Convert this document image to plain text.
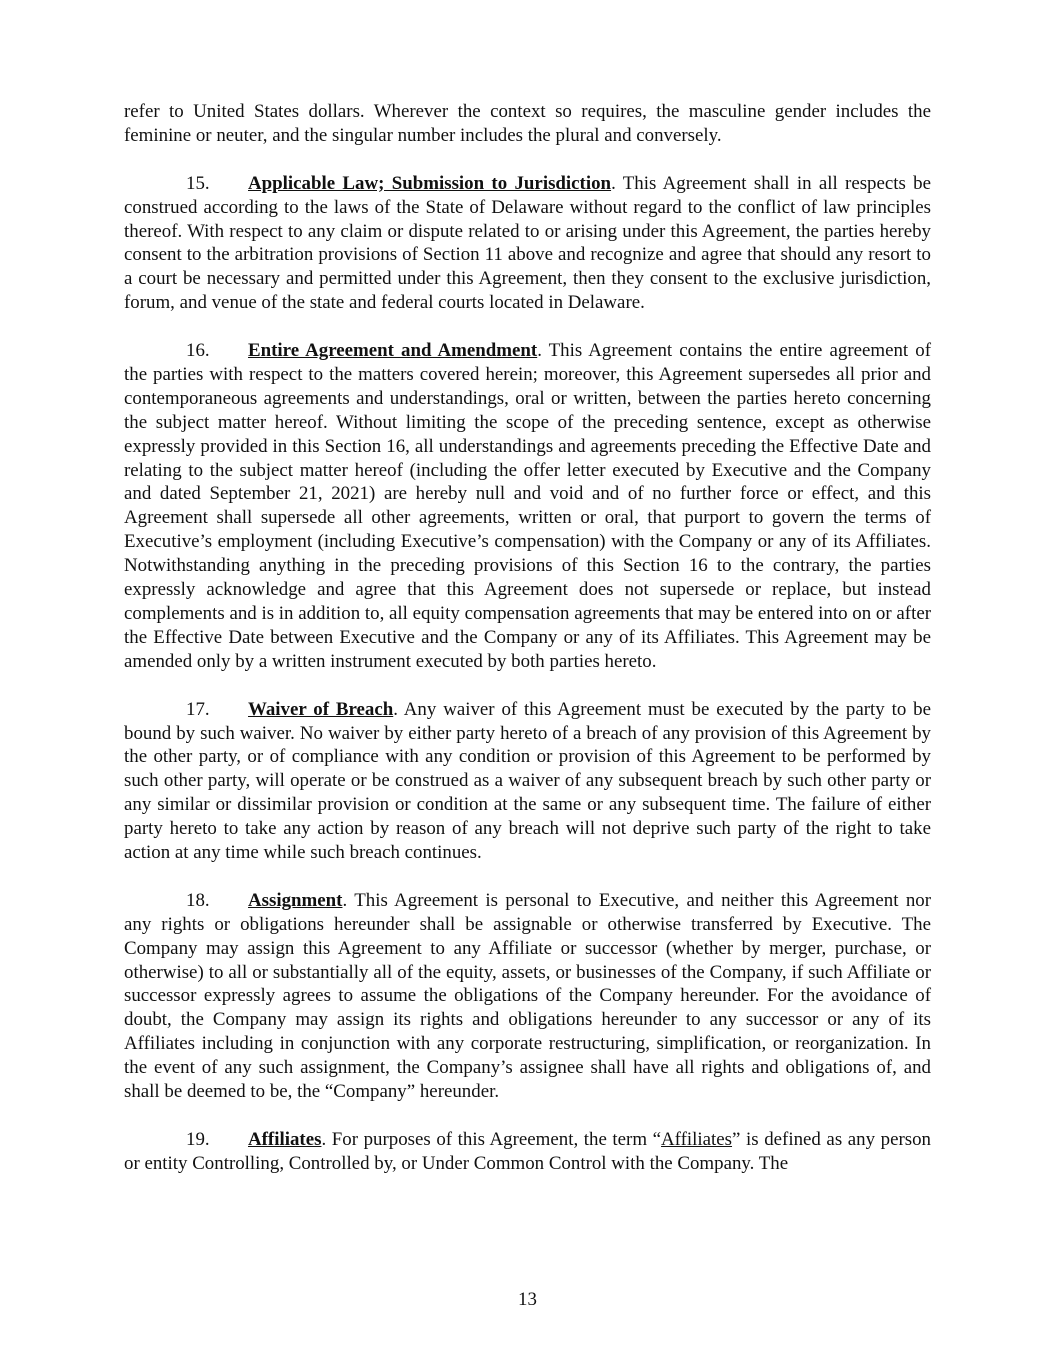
refer to United States dollars. Wherever the context so requires, the masculine gender includes the feminine or neuter, and the singular number includes the plural and conversely.

15. Applicable Law; Submission to Jurisdiction. This Agreement shall in all respects be construed according to the laws of the State of Delaware without regard to the conflict of law principles thereof. With respect to any claim or dispute related to or arising under this Agreement, the parties hereby consent to the arbitration provisions of Section 11 above and recognize and agree that should any resort to a court be necessary and permitted under this Agreement, then they consent to the exclusive jurisdiction, forum, and venue of the state and federal courts located in Delaware.

16. Entire Agreement and Amendment. This Agreement contains the entire agreement of the parties with respect to the matters covered herein; moreover, this Agreement supersedes all prior and contemporaneous agreements and understandings, oral or written, between the parties hereto concerning the subject matter hereof. Without limiting the scope of the preceding sentence, except as otherwise expressly provided in this Section 16, all understandings and agreements preceding the Effective Date and relating to the subject matter hereof (including the offer letter executed by Executive and the Company and dated September 21, 2021) are hereby null and void and of no further force or effect, and this Agreement shall supersede all other agreements, written or oral, that purport to govern the terms of Executive’s employment (including Executive’s compensation) with the Company or any of its Affiliates. Notwithstanding anything in the preceding provisions of this Section 16 to the contrary, the parties expressly acknowledge and agree that this Agreement does not supersede or replace, but instead complements and is in addition to, all equity compensation agreements that may be entered into on or after the Effective Date between Executive and the Company or any of its Affiliates. This Agreement may be amended only by a written instrument executed by both parties hereto.

17. Waiver of Breach. Any waiver of this Agreement must be executed by the party to be bound by such waiver. No waiver by either party hereto of a breach of any provision of this Agreement by the other party, or of compliance with any condition or provision of this Agreement to be performed by such other party, will operate or be construed as a waiver of any subsequent breach by such other party or any similar or dissimilar provision or condition at the same or any subsequent time. The failure of either party hereto to take any action by reason of any breach will not deprive such party of the right to take action at any time while such breach continues.

18. Assignment. This Agreement is personal to Executive, and neither this Agreement nor any rights or obligations hereunder shall be assignable or otherwise transferred by Executive. The Company may assign this Agreement to any Affiliate or successor (whether by merger, purchase, or otherwise) to all or substantially all of the equity, assets, or businesses of the Company, if such Affiliate or successor expressly agrees to assume the obligations of the Company hereunder. For the avoidance of doubt, the Company may assign its rights and obligations hereunder to any successor or any of its Affiliates including in conjunction with any corporate restructuring, simplification, or reorganization. In the event of any such assignment, the Company’s assignee shall have all rights and obligations of, and shall be deemed to be, the “Company” hereunder.

19. Affiliates. For purposes of this Agreement, the term “Affiliates” is defined as any person or entity Controlling, Controlled by, or Under Common Control with the Company. The

13
